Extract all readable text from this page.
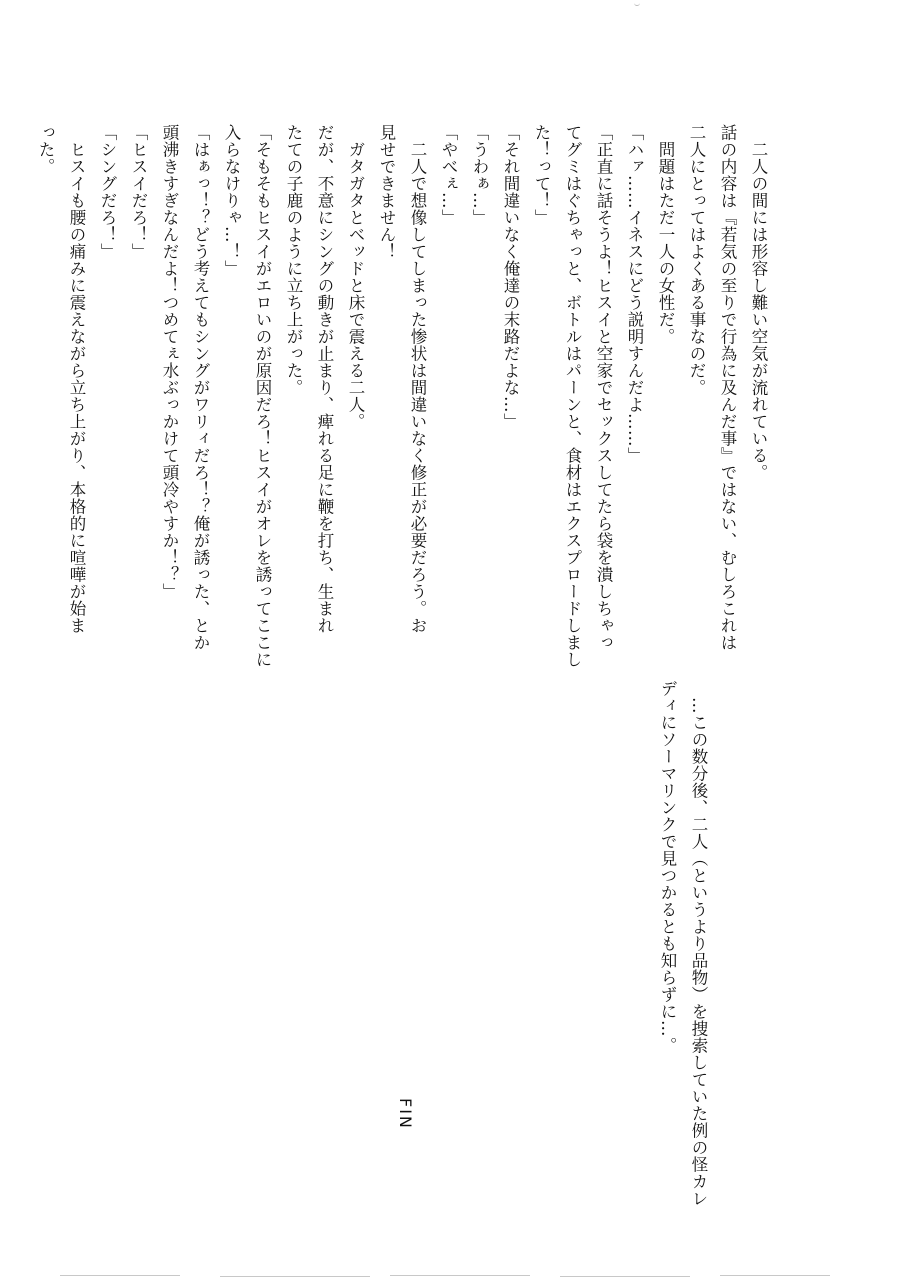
二人の間には形容し難い空気が流れている。
話の内容は『若気の至りで行為に及んだ事』ではない、むしろこれは
二人にとってはよくある事なのだ。
問題はただ一人の女性だ。
「ハァ……イネスにどう説明すんだよ……」
「正直に話そうよ！ヒスイと空家でセックスしてたら袋を潰しちゃっ
てグミはぐちゃっと、ボトルはパーンと、食材はエクスプロードしまし
た！って！」
「それ間違いなく俺達の末路だよな…」
「うわぁ…」
「やべぇ…」
二人で想像してしまった惨状は間違いなく修正が必要だろう。お
見せできません！
ガタガタとベッドと床で震える二人。
だが、不意にシングの動きが止まり、痺れる足に鞭を打ち、生まれ
たての子鹿のように立ち上がった。
「そもそもヒスイがエロいのが原因だろ！ヒスイがオレを誘ってここに
入らなけりゃ…！」
「はぁっ！？どう考えてもシングがワリィだろ！？俺が誘った、とか
頭沸きすぎなんだよ！つめてぇ水ぶっかけて頭冷やすか！？」
「ヒスイだろ！」
「シングだろ！」
ヒスイも腰の痛みに震えながら立ち上がり、本格的に喧嘩が始ま
った。
…この数分後、二人（というより品物）を捜索していた例の怪カレ
ディにソーマリンクで見つかるとも知らずに…。
FIN
